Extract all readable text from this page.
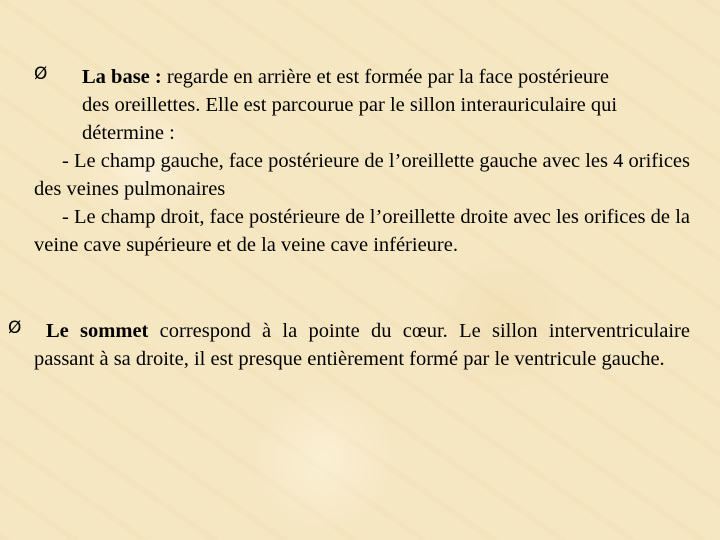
Ø	La base : regarde en arrière et est formée par la face postérieure des oreillettes. Elle est parcourue par le sillon interauriculaire qui détermine :

- Le champ gauche, face postérieure de l’oreillette gauche avec les 4 orifices des veines pulmonaires

- Le champ droit, face postérieure de l’oreillette droite avec les orifices de la veine cave supérieure et de la veine cave inférieure.

Ø	Le sommet correspond à la pointe du cœur. Le sillon interventriculaire passant à sa droite, il est presque entièrement formé par le ventricule gauche.
